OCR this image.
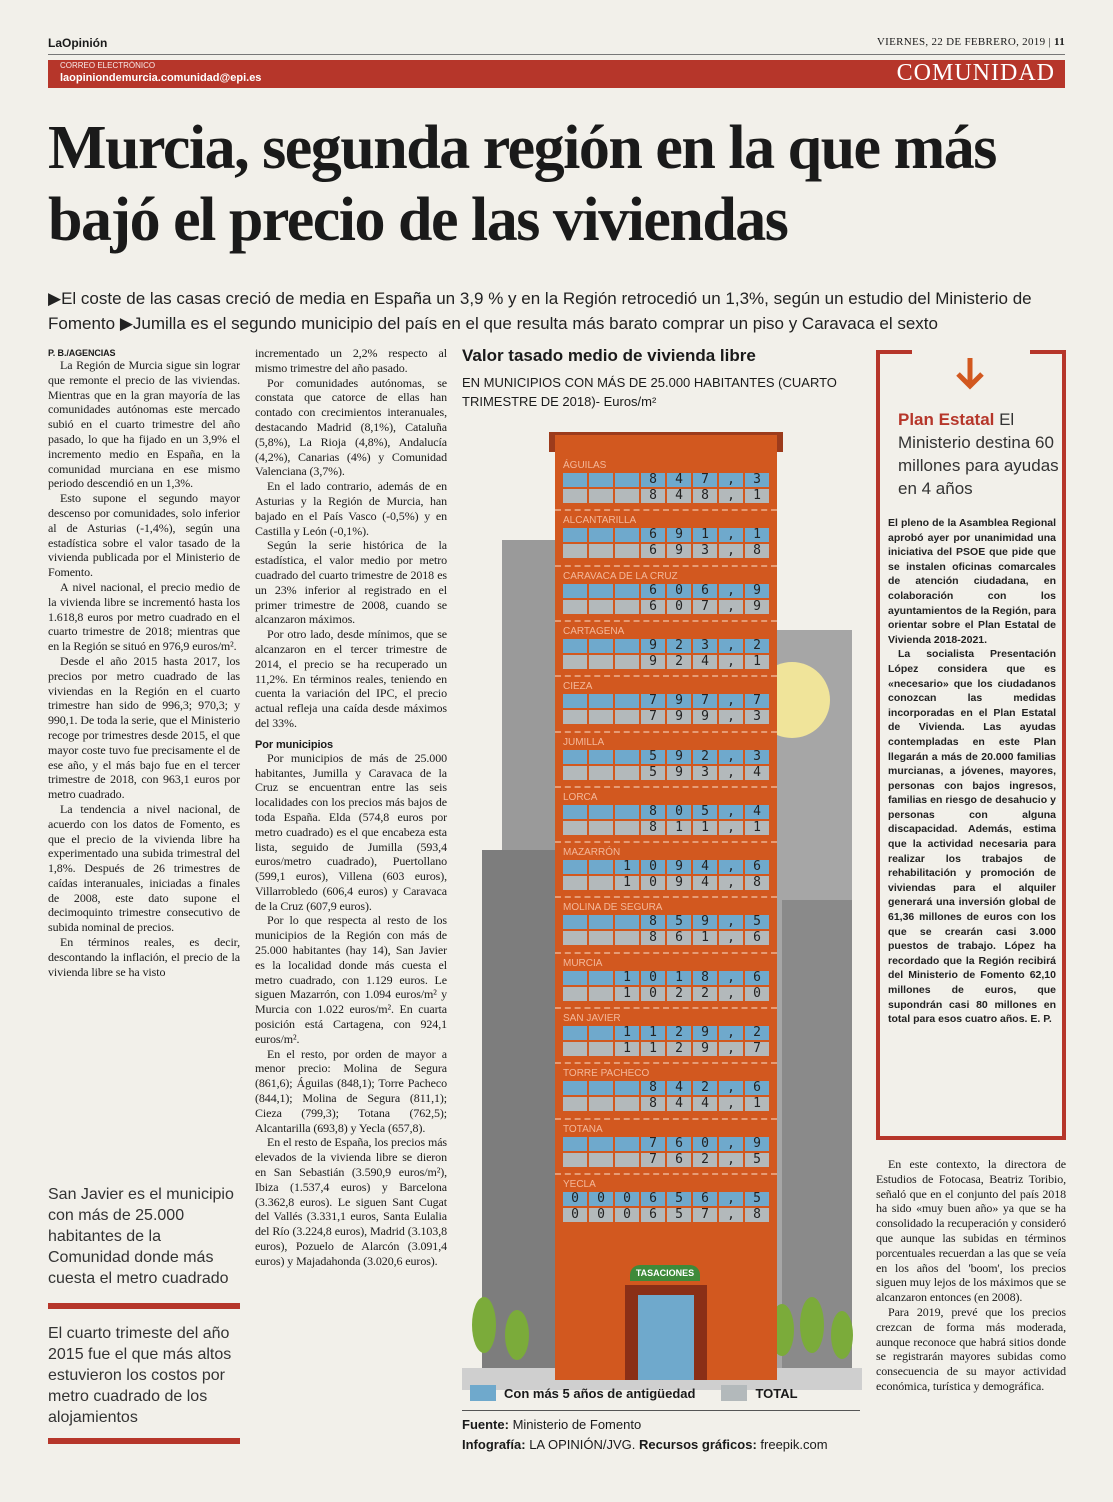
LaOpinión	VIERNES, 22 DE FEBRERO, 2019 | 11
CORREO ELECTRÓNICO
laopiniondemurcia.comunidad@epi.es	COMUNIDAD
Murcia, segunda región en la que más bajó el precio de las viviendas
▶El coste de las casas creció de media en España un 3,9 % y en la Región retrocedió un 1,3%, según un estudio del Ministerio de Fomento ▶Jumilla es el segundo municipio del país en el que resulta más barato comprar un piso y Caravaca el sexto
P. B./AGENCIAS

La Región de Murcia sigue sin lograr que remonte el precio de las viviendas. Mientras que en la gran mayoría de las comunidades autónomas este mercado subió en el cuarto trimestre del año pasado, lo que ha fijado en un 3,9% el incremento medio en España, en la comunidad murciana en ese mismo periodo descendió en un 1,3%.

Esto supone el segundo mayor descenso por comunidades, solo inferior al de Asturias (-1,4%), según una estadística sobre el valor tasado de la vivienda publicada por el Ministerio de Fomento.

A nivel nacional, el precio medio de la vivienda libre se incrementó hasta los 1.618,8 euros por metro cuadrado en el cuarto trimestre de 2018; mientras que en la Región se situó en 976,9 euros/m².

Desde el año 2015 hasta 2017, los precios por metro cuadrado de las viviendas en la Región en el cuarto trimestre han sido de 996,3; 970,3; y 990,1. De toda la serie, que el Ministerio recoge por trimestres desde 2015, el que mayor coste tuvo fue precisamente el de ese año, y el más bajo fue en el tercer trimestre de 2018, con 963,1 euros por metro cuadrado.

La tendencia a nivel nacional, de acuerdo con los datos de Fomento, es que el precio de la vivienda libre ha experimentado una subida trimestral del 1,8%. Después de 26 trimestres de caídas interanuales, iniciadas a finales de 2008, este dato supone el decimoquinto trimestre consecutivo de subida nominal de precios.

En términos reales, es decir, descontando la inflación, el precio de la vivienda libre se ha visto

San Javier es el municipio con más de 25.000 habitantes de la Comunidad donde más cuesta el metro cuadrado
El cuarto trimeste del año 2015 fue el que más altos estuvieron los costos por metro cuadrado de los alojamientos

incrementado un 2,2% respecto al mismo trimestre del año pasado.

Por comunidades autónomas, se constata que catorce de ellas han contado con crecimientos interanuales, destacando Madrid (8,1%), Cataluña (5,8%), La Rioja (4,8%), Andalucía (4,2%), Canarias (4%) y Comunidad Valenciana (3,7%).

En el lado contrario, además de en Asturias y la Región de Murcia, han bajado en el País Vasco (-0,5%) y en Castilla y León (-0,1%).

Según la serie histórica de la estadística, el valor medio por metro cuadrado del cuarto trimestre de 2018 es un 23% inferior al registrado en el primer trimestre de 2008, cuando se alcanzaron máximos.

Por otro lado, desde mínimos, que se alcanzaron en el tercer trimestre de 2014, el precio se ha recuperado un 11,2%. En términos reales, teniendo en cuenta la variación del IPC, el precio actual refleja una caída desde máximos del 33%.

Por municipios

Por municipios de más de 25.000 habitantes, Jumilla y Caravaca de la Cruz se encuentran entre las seis localidades con los precios más bajos de toda España. Elda (574,8 euros por metro cuadrado) es el que encabeza esta lista, seguido de Jumilla (593,4 euros/metro cuadrado), Puertollano (599,1 euros), Villena (603 euros), Villarrobledo (606,4 euros) y Caravaca de la Cruz (607,9 euros).

Por lo que respecta al resto de los municipios de la Región con más de 25.000 habitantes (hay 14), San Javier es la localidad donde más cuesta el metro cuadrado, con 1.129 euros. Le siguen Mazarrón, con 1.094 euros/m² y Murcia con 1.022 euros/m². En cuarta posición está Cartagena, con 924,1 euros/m².

En el resto, por orden de mayor a menor precio: Molina de Segura (861,6); Águilas (848,1); Torre Pacheco (844,1); Molina de Segura (811,1); Cieza (799,3); Totana (762,5); Alcantarilla (693,8) y Yecla (657,8).

En el resto de España, los precios más elevados de la vivienda libre se dieron en San Sebastián (3.590,9 euros/m²), Ibiza (1.537,4 euros) y Barcelona (3.362,8 euros). Le siguen Sant Cugat del Vallés (3.331,1 euros, Santa Eulalia del Río (3.224,8 euros), Madrid (3.103,8 euros), Pozuelo de Alarcón (3.091,4 euros) y Majadahonda (3.020,6 euros).

Valor tasado medio de vivienda libre
EN MUNICIPIOS CON MÁS DE 25.000 HABITANTES (CUARTO TRIMESTRE DE 2018)- Euros/m²
TASACIONES
ÁGUILAS
847,3
848,1
ALCANTARILLA
691,1
693,8
CARAVACA DE LA CRUZ
606,9
607,9
CARTAGENA
923,2
924,1
CIEZA
797,7
799,3
JUMILLA
592,3
593,4
LORCA
805,4
811,1
MAZARRÓN
1094,6
1094,8
MOLINA DE SEGURA
859,5
861,6
MURCIA
1018,6
1022,0
SAN JAVIER
1129,2
1129,7
TORRE PACHECO
842,6
844,1
TOTANA
760,9
762,5
YECLA
000656,5
000657,8
Con más 5 años de antigüedad	TOTAL
Fuente: Ministerio de Fomento
Infografía: LA OPINIÓN/JVG. Recursos gráficos: freepik.com
Plan Estatal El Ministerio destina 60 millones para ayudas en 4 años

El pleno de la Asamblea Regional aprobó ayer por unanimidad una iniciativa del PSOE que pide que se instalen oficinas comarcales de atención ciudadana, en colaboración con los ayuntamientos de la Región, para orientar sobre el Plan Estatal de Vivienda 2018-2021.

La socialista Presentación López considera que es «necesario» que los ciudadanos conozcan las medidas incorporadas en el Plan Estatal de Vivienda. Las ayudas contempladas en este Plan llegarán a más de 20.000 familias murcianas, a jóvenes, mayores, personas con bajos ingresos, familias en riesgo de desahucio y personas con alguna discapacidad. Además, estima que la actividad necesaria para realizar los trabajos de rehabilitación y promoción de viviendas para el alquiler generará una inversión global de 61,36 millones de euros con los que se crearán casi 3.000 puestos de trabajo. López ha recordado que la Región recibirá del Ministerio de Fomento 62,10 millones de euros, que supondrán casi 80 millones en total para esos cuatro años. E. P.

En este contexto, la directora de Estudios de Fotocasa, Beatriz Toribio, señaló que en el conjunto del país 2018 ha sido «muy buen año» ya que se ha consolidado la recuperación y consideró que aunque las subidas en términos porcentuales recuerdan a las que se veía en los años del 'boom', los precios siguen muy lejos de los máximos que se alcanzaron entonces (en 2008).

Para 2019, prevé que los precios crezcan de forma más moderada, aunque reconoce que habrá sitios donde se registrarán mayores subidas como consecuencia de su mayor actividad económica, turística y demográfica.
